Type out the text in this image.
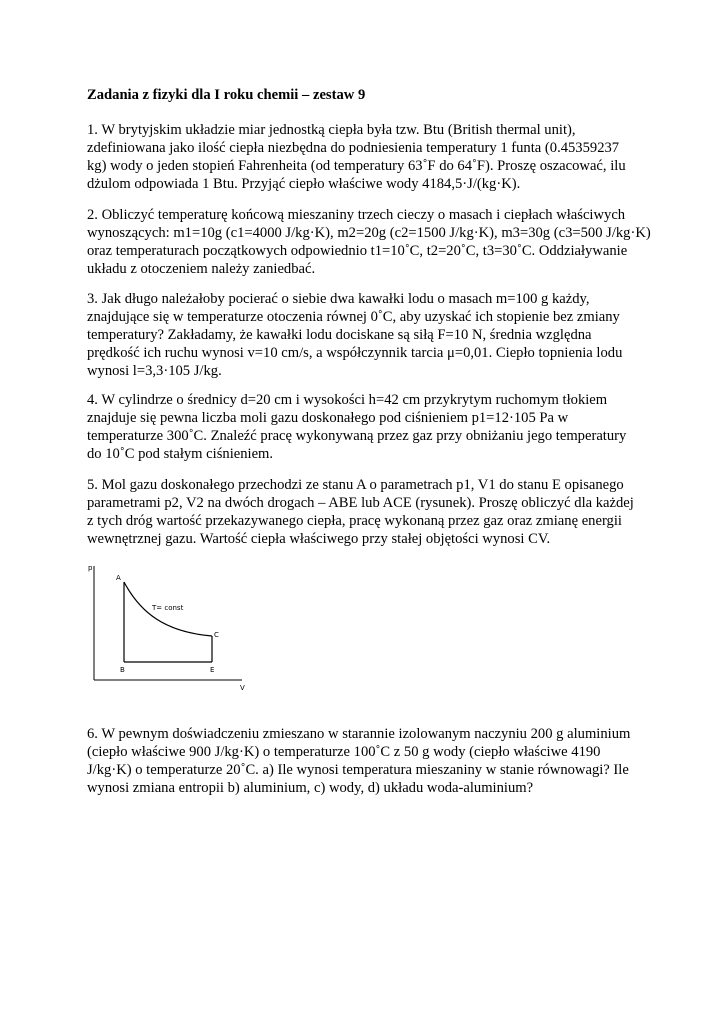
Zadania z fizyki dla I roku chemii – zestaw 9

1. W brytyjskim układzie miar jednostką ciepła była tzw. Btu (British thermal unit),

zdefiniowana jako ilość ciepła niezbędna do podniesienia temperatury 1 funta (0.45359237

kg) wody o jeden stopień Fahrenheita (od temperatury 63˚F do 64˚F). Proszę oszacować, ilu

dżulom odpowiada 1 Btu. Przyjąć ciepło właściwe wody 4184,5·J/(kg·K).

2. Obliczyć temperaturę końcową mieszaniny trzech cieczy o masach i ciepłach właściwych

wynoszących: m1=10g (c1=4000 J/kg·K), m2=20g (c2=1500 J/kg·K), m3=30g (c3=500 J/kg·K)

oraz temperaturach początkowych odpowiednio t1=10˚C, t2=20˚C, t3=30˚C. Oddziaływanie

układu z otoczeniem należy zaniedbać.

3. Jak długo należałoby pocierać o siebie dwa kawałki lodu o masach m=100 g każdy,

znajdujące się w temperaturze otoczenia równej 0˚C, aby uzyskać ich stopienie bez zmiany

temperatury? Zakładamy, że kawałki lodu dociskane są siłą F=10 N, średnia względna

prędkość ich ruchu wynosi v=10 cm/s, a współczynnik tarcia μ=0,01. Ciepło topnienia lodu

wynosi l=3,3·105 J/kg.

4. W cylindrze o średnicy d=20 cm i wysokości h=42 cm przykrytym ruchomym tłokiem

znajduje się pewna liczba moli gazu doskonałego pod ciśnieniem p1=12·105 Pa w

temperaturze 300˚C. Znaleźć pracę wykonywaną przez gaz przy obniżaniu jego temperatury

do 10˚C pod stałym ciśnieniem.

5. Mol gazu doskonałego przechodzi ze stanu A o parametrach p1, V1 do stanu E opisanego

parametrami p2, V2 na dwóch drogach – ABE lub ACE (rysunek). Proszę obliczyć dla każdej

z tych dróg wartość przekazywanego ciepła, pracę wykonaną przez gaz oraz zmianę energii

wewnętrznej gazu. Wartość ciepła właściwego przy stałej objętości wynosi CV.

p
V
A
B
C
E
T= const

6. W pewnym doświadczeniu zmieszano w starannie izolowanym naczyniu 200 g aluminium

(ciepło właściwe 900 J/kg·K) o temperaturze 100˚C z 50 g wody (ciepło właściwe 4190

J/kg·K) o temperaturze 20˚C. a) Ile wynosi temperatura mieszaniny w stanie równowagi? Ile

wynosi zmiana entropii b) aluminium, c) wody, d) układu woda-aluminium?
